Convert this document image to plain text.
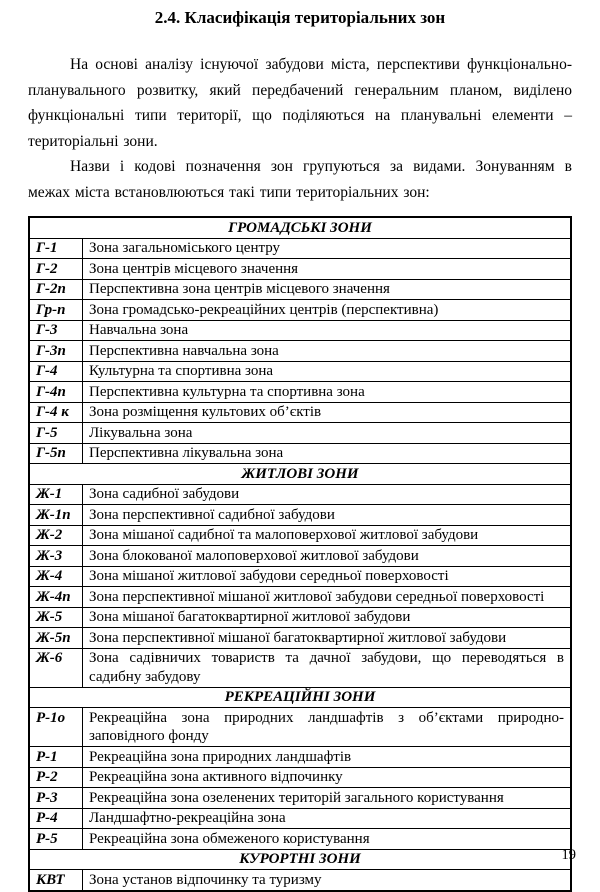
2.4. Класифікація територіальних зон

На основі аналізу існуючої забудови міста, перспективи функціонально-планувального розвитку, який передбачений генеральним планом, виділено функціональні типи території, що поділяються на планувальні елементи – територіальні зони.

Назви і кодові позначення зон групуються за видами. Зонуванням в межах міста встановлюються такі типи територіальних зон:

ГРОМАДСЬКІ ЗОНИ	
Г-1	Зона загальноміського центру
Г-2	Зона центрів місцевого значення
Г-2п	Перспективна зона центрів місцевого значення
Гр-п	Зона громадсько-рекреаційних центрів (перспективна)
Г-3	Навчальна зона
Г-3п	Перспективна навчальна зона
Г-4	Культурна та спортивна зона
Г-4п	Перспективна культурна та спортивна зона
Г-4 к	Зона розміщення культових об’єктів
Г-5	Лікувальна зона
Г-5п	Перспективна лікувальна зона
ЖИТЛОВІ ЗОНИ	
Ж-1	Зона садибної забудови
Ж-1п	Зона перспективної садибної забудови
Ж-2	Зона мішаної садибної та малоповерхової житлової забудови
Ж-3	Зона блокованої малоповерхової житлової забудови
Ж-4	Зона мішаної житлової забудови середньої поверховості
Ж-4п	Зона перспективної мішаної житлової забудови середньої поверховості
Ж-5	Зона мішаної багатоквартирної житлової забудови
Ж-5п	Зона перспективної мішаної багатоквартирної житлової забудови
Ж-6	Зона садівничих товариств та дачної забудови, що переводяться в садибну забудову
РЕКРЕАЦІЙНІ ЗОНИ	
Р-1о	Рекреаційна зона природних ландшафтів з об’єктами природно-заповідного фонду
Р-1	Рекреаційна зона природних ландшафтів
Р-2	Рекреаційна зона активного відпочинку
Р-3	Рекреаційна зона озеленених територій загального користування
Р-4	Ландшафтно-рекреаційна зона
Р-5	Рекреаційна зона обмеженого користування
КУРОРТНІ ЗОНИ	
КВТ	Зона установ відпочинку та туризму
19
